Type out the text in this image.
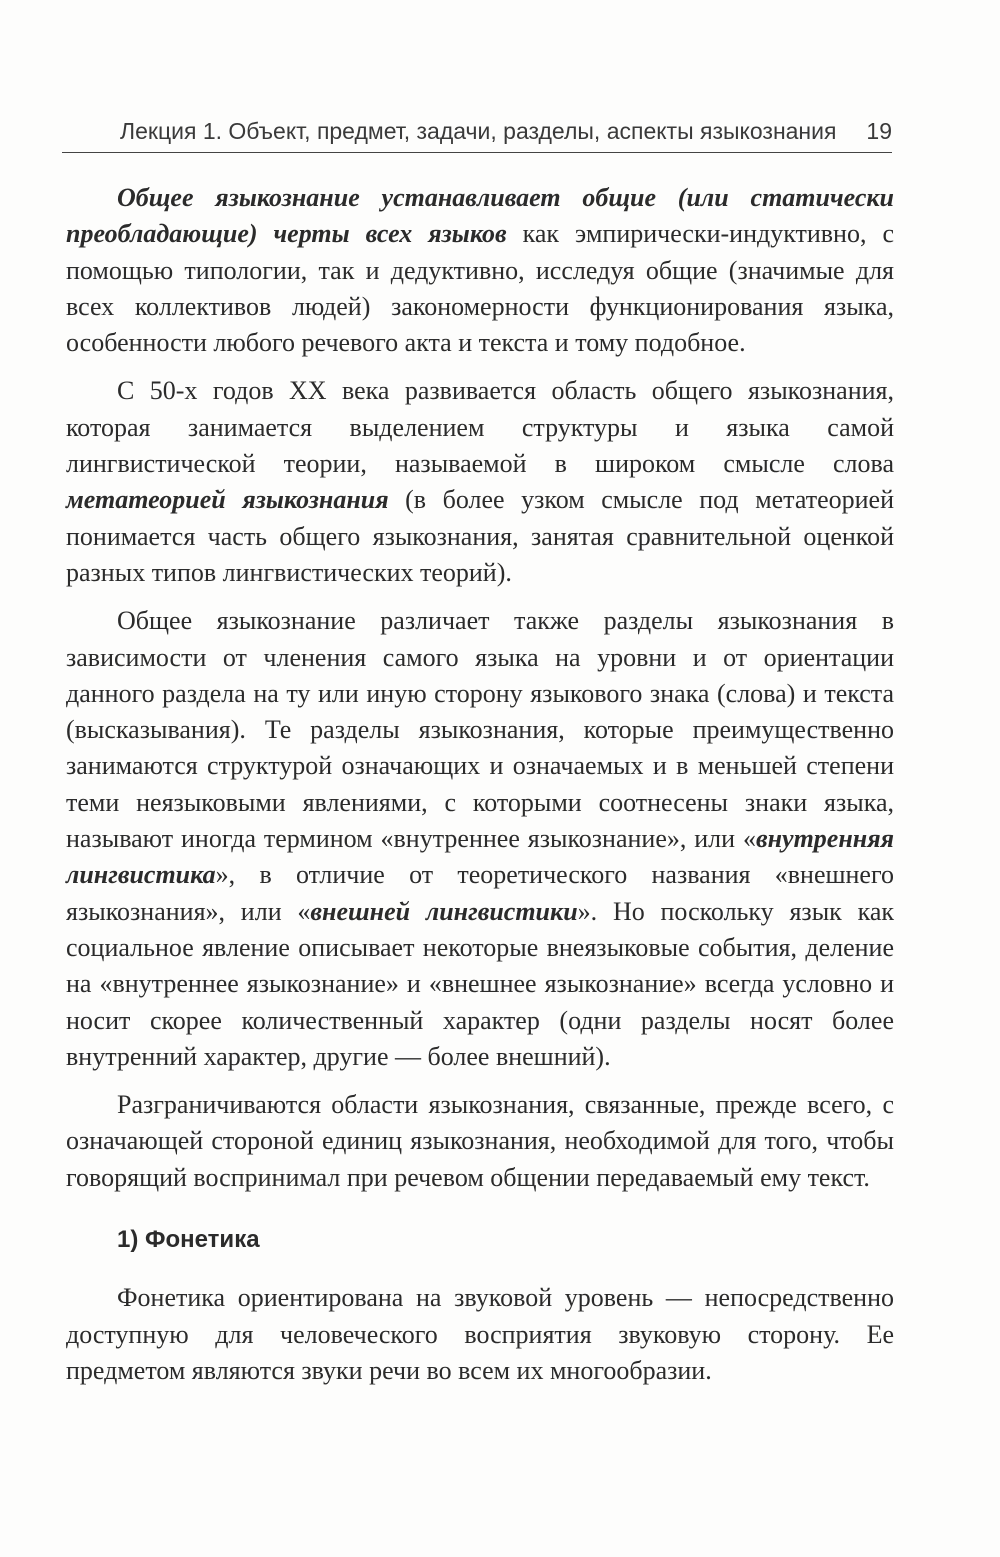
Лекция 1. Объект, предмет, задачи, разделы, аспекты языкознания 19

Общее языкознание устанавливает общие (или статически преобладающие) черты всех языков как эмпирически-индуктивно, с помощью типологии, так и дедуктивно, исследуя общие (значимые для всех коллективов людей) закономерности функционирования языка, особенности любого речевого акта и текста и тому подобное.

С 50-х годов XX века развивается область общего языкознания, которая занимается выделением структуры и языка самой лингвистической теории, называемой в широком смысле слова метатеорией языкознания (в более узком смысле под метатеорией понимается часть общего языкознания, занятая сравнительной оценкой разных типов лингвистических теорий).

Общее языкознание различает также разделы языкознания в зависимости от членения самого языка на уровни и от ориентации данного раздела на ту или иную сторону языкового знака (слова) и текста (высказывания). Те разделы языкознания, которые преимущественно занимаются структурой означающих и означаемых и в меньшей степени теми неязыковыми явлениями, с которыми соотнесены знаки языка, называют иногда термином «внутреннее языкознание», или «внутренняя лингвистика», в отличие от теоретического названия «внешнего языкознания», или «внешней лингвистики». Но поскольку язык как социальное явление описывает некоторые внеязыковые события, деление на «внутреннее языкознание» и «внешнее языкознание» всегда условно и носит скорее количественный характер (одни разделы носят более внутренний характер, другие — более внешний).

Разграничиваются области языкознания, связанные, прежде всего, с означающей стороной единиц языкознания, необходимой для того, чтобы говорящий воспринимал при речевом общении передаваемый ему текст.

1) Фонетика

Фонетика ориентирована на звуковой уровень — непосредственно доступную для человеческого восприятия звуковую сторону. Ее предметом являются звуки речи во всем их многообразии.
